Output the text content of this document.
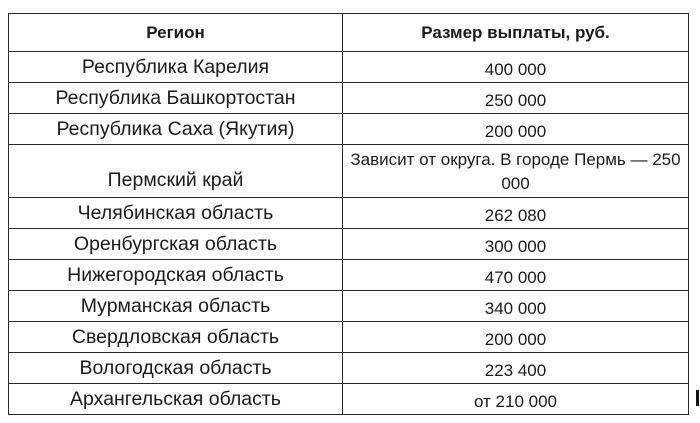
Регион	Размер выплаты, руб.
Республика Карелия	400 000
Республика Башкортостан	250 000
Республика Саха (Якутия)	200 000
Пермский край	Зависит от округа. В городе Пермь — 250 000
Челябинская область	262 080
Оренбургская область	300 000
Нижегородская область	470 000
Мурманская область	340 000
Свердловская область	200 000
Вологодская область	223 400
Архангельская область	от 210 000
